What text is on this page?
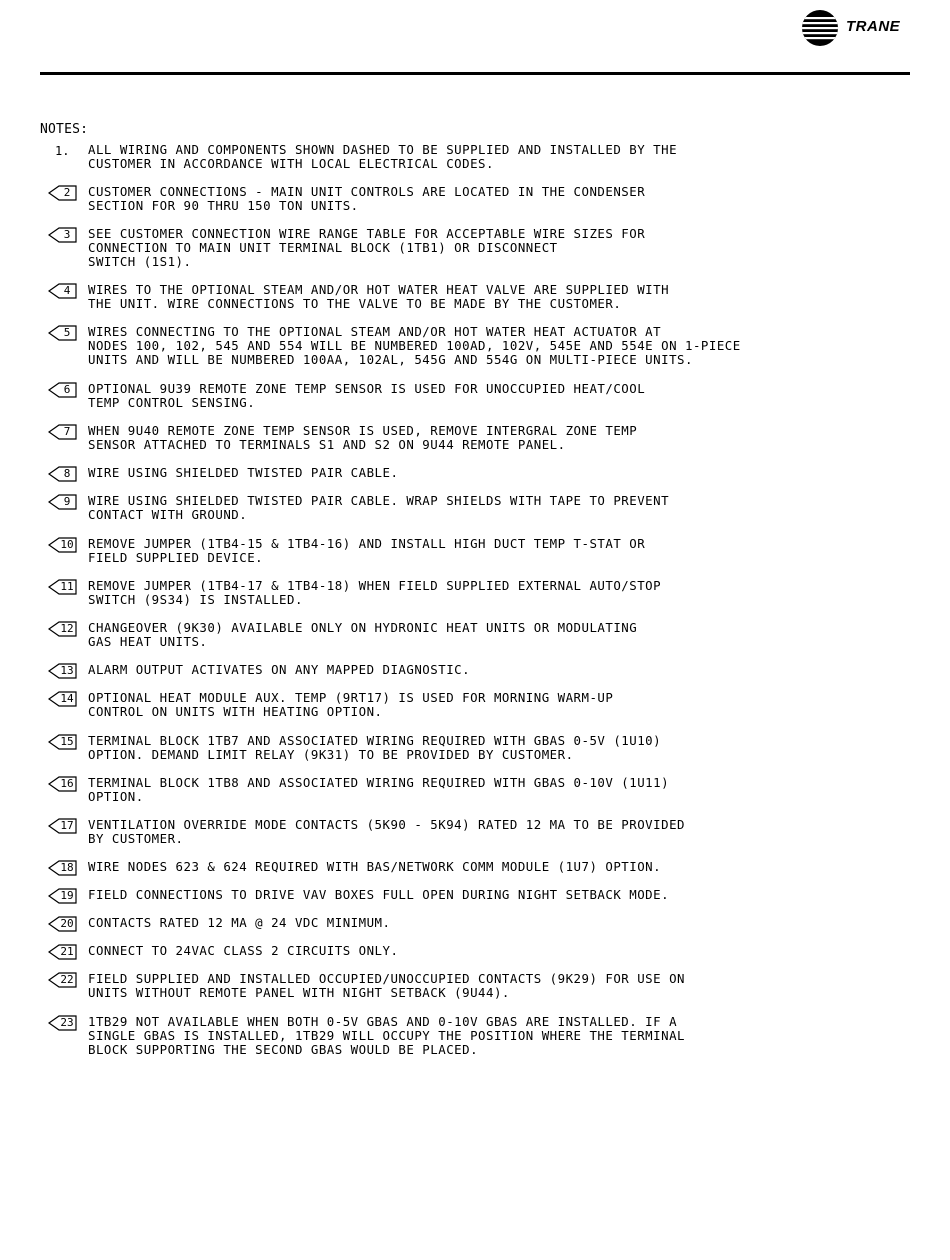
TRANE
NOTES:
1. ALL WIRING AND COMPONENTS SHOWN DASHED TO BE SUPPLIED AND INSTALLED BY THE
CUSTOMER IN ACCORDANCE WITH LOCAL ELECTRICAL CODES.
2	CUSTOMER CONNECTIONS - MAIN UNIT CONTROLS ARE LOCATED IN THE CONDENSER
SECTION FOR 90 THRU 150 TON UNITS.
3	SEE CUSTOMER CONNECTION WIRE RANGE TABLE FOR ACCEPTABLE WIRE SIZES FOR
CONNECTION TO MAIN UNIT TERMINAL BLOCK (1TB1) OR DISCONNECT
SWITCH (1S1).
4	WIRES TO THE OPTIONAL STEAM AND/OR HOT WATER HEAT VALVE ARE SUPPLIED WITH
THE UNIT. WIRE CONNECTIONS TO THE VALVE TO BE MADE BY THE CUSTOMER.
5	WIRES CONNECTING TO THE OPTIONAL STEAM AND/OR HOT WATER HEAT ACTUATOR AT
NODES 100, 102, 545 AND 554 WILL BE NUMBERED 100AD, 102V, 545E AND 554E ON 1-PIECE
UNITS AND WILL BE NUMBERED 100AA, 102AL, 545G AND 554G ON MULTI-PIECE UNITS.
6	OPTIONAL 9U39 REMOTE ZONE TEMP SENSOR IS USED FOR UNOCCUPIED HEAT/COOL
TEMP CONTROL SENSING.
7	WHEN 9U40 REMOTE ZONE TEMP SENSOR IS USED, REMOVE INTERGRAL ZONE TEMP
SENSOR ATTACHED TO TERMINALS S1 AND S2 ON 9U44 REMOTE PANEL.
8	WIRE USING SHIELDED TWISTED PAIR CABLE.
9	WIRE USING SHIELDED TWISTED PAIR CABLE. WRAP SHIELDS WITH TAPE TO PREVENT
CONTACT WITH GROUND.
10 REMOVE JUMPER (1TB4-15 & 1TB4-16) AND INSTALL HIGH DUCT TEMP T-STAT OR
FIELD SUPPLIED DEVICE.
11 REMOVE JUMPER (1TB4-17 & 1TB4-18) WHEN FIELD SUPPLIED EXTERNAL AUTO/STOP
SWITCH (9S34) IS INSTALLED.
12 CHANGEOVER (9K30) AVAILABLE ONLY ON HYDRONIC HEAT UNITS OR MODULATING
GAS HEAT UNITS.
13 ALARM OUTPUT ACTIVATES ON ANY MAPPED DIAGNOSTIC.
14 OPTIONAL HEAT MODULE AUX. TEMP (9RT17) IS USED FOR MORNING WARM-UP
CONTROL ON UNITS WITH HEATING OPTION.
15 TERMINAL BLOCK 1TB7 AND ASSOCIATED WIRING REQUIRED WITH GBAS 0-5V (1U10)
OPTION. DEMAND LIMIT RELAY (9K31) TO BE PROVIDED BY CUSTOMER.
16 TERMINAL BLOCK 1TB8 AND ASSOCIATED WIRING REQUIRED WITH GBAS 0-10V (1U11)
OPTION.
17 VENTILATION OVERRIDE MODE CONTACTS (5K90 - 5K94) RATED 12 MA TO BE PROVIDED
BY CUSTOMER.
18 WIRE NODES 623 & 624 REQUIRED WITH BAS/NETWORK COMM MODULE (1U7) OPTION.
19 FIELD CONNECTIONS TO DRIVE VAV BOXES FULL OPEN DURING NIGHT SETBACK MODE.
20 CONTACTS RATED 12 MA @ 24 VDC MINIMUM.
21 CONNECT TO 24VAC CLASS 2 CIRCUITS ONLY.
22 FIELD SUPPLIED AND INSTALLED OCCUPIED/UNOCCUPIED CONTACTS (9K29) FOR USE ON
UNITS WITHOUT REMOTE PANEL WITH NIGHT SETBACK (9U44).
23 1TB29 NOT AVAILABLE WHEN BOTH 0-5V GBAS AND 0-10V GBAS ARE INSTALLED. IF A
SINGLE GBAS IS INSTALLED, 1TB29 WILL OCCUPY THE POSITION WHERE THE TERMINAL
BLOCK SUPPORTING THE SECOND GBAS WOULD BE PLACED.
